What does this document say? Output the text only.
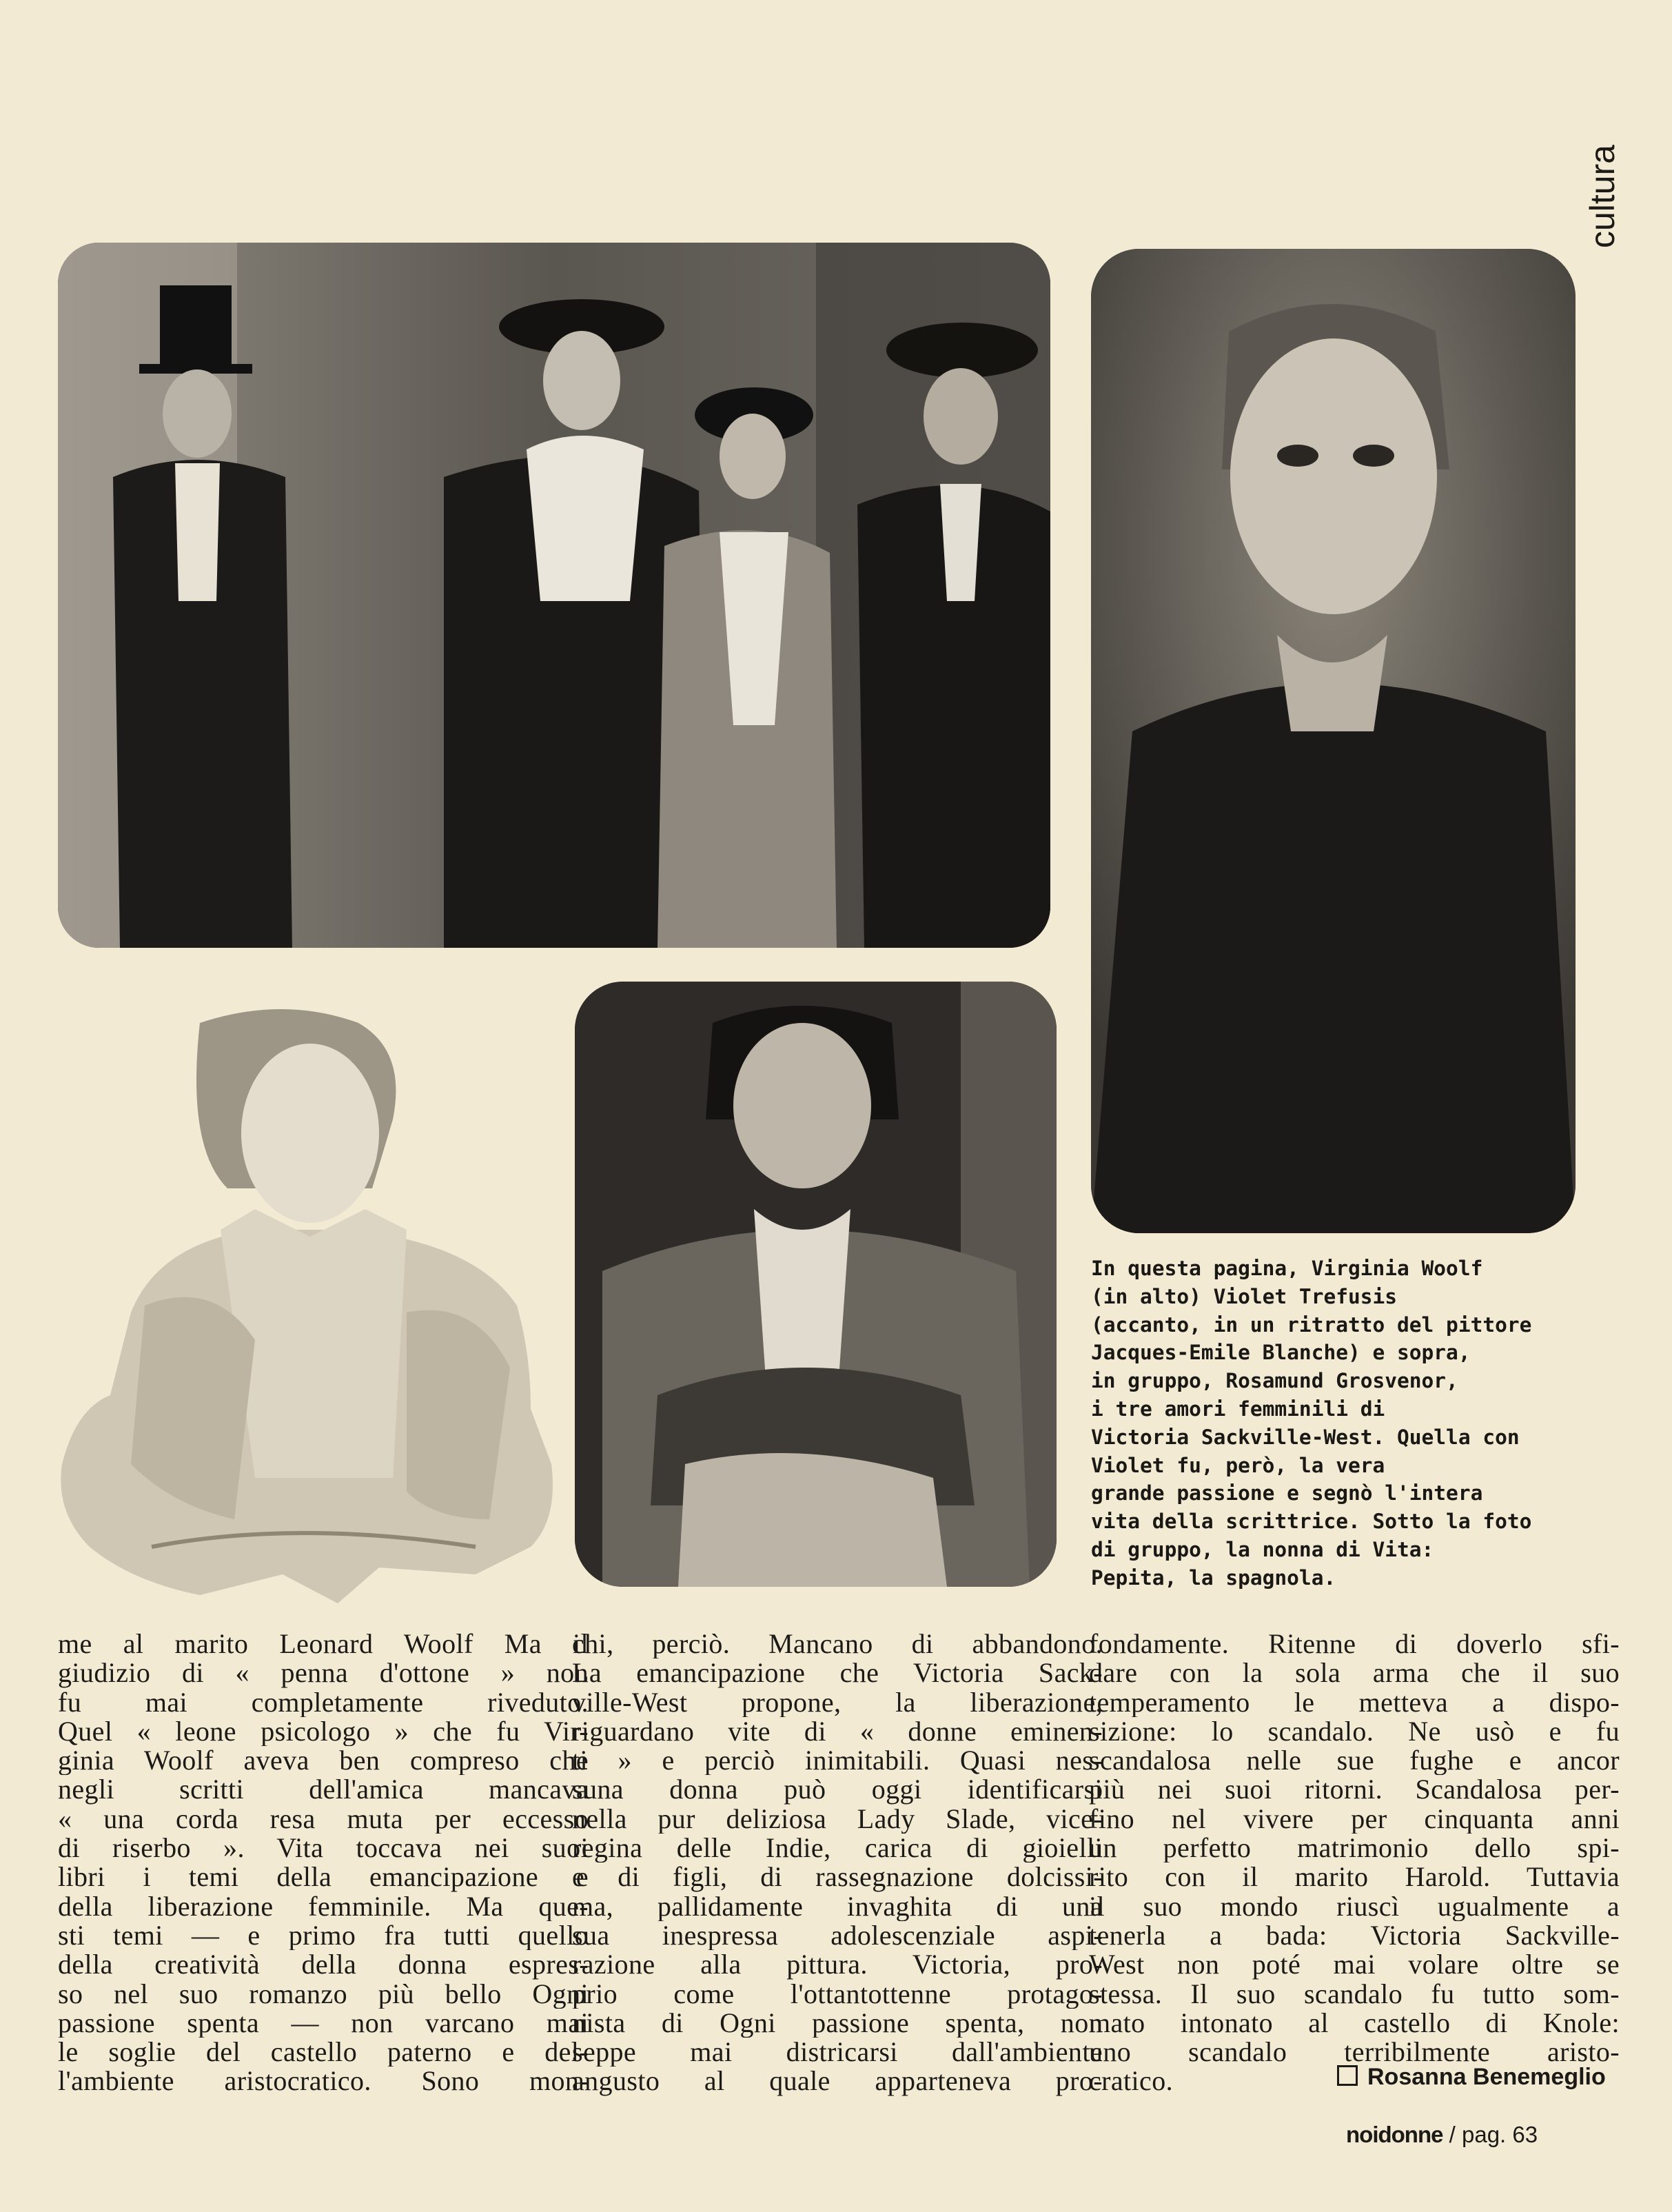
cultura
In questa pagina, Virginia Woolf
(in alto) Violet Trefusis
(accanto, in un ritratto del pittore
Jacques-Emile Blanche) e sopra,
in gruppo, Rosamund Grosvenor,
i tre amori femminili di
Victoria Sackville-West. Quella con
Violet fu, però, la vera
grande passione e segnò l'intera
vita della scrittrice. Sotto la foto
di gruppo, la nonna di Vita:
Pepita, la spagnola.
me al marito Leonard Woolf Ma il
giudizio di « penna d'ottone » non
fu mai completamente riveduto.
Quel « leone psicologo » che fu Vir-
ginia Woolf aveva ben compreso che
negli scritti dell'amica mancava
« una corda resa muta per eccesso
di riserbo ». Vita toccava nei suoi
libri i temi della emancipazione e
della liberazione femminile. Ma que-
sti temi — e primo fra tutti quello
della creatività della donna espres-
so nel suo romanzo più bello Ogni
passione spenta — non varcano mai
le soglie del castello paterno e del-
l'ambiente aristocratico. Sono mon-
chi, perciò. Mancano di abbandono.
La emancipazione che Victoria Sack-
ville-West propone, la liberazione,
riguardano vite di « donne eminen-
ti » e perciò inimitabili. Quasi nes-
suna donna può oggi identificarsi
nella pur deliziosa Lady Slade, vice-
regina delle Indie, carica di gioielli
e di figli, di rassegnazione dolcissi-
ma, pallidamente invaghita di una
sua inespressa adolescenziale aspi-
razione alla pittura. Victoria, pro-
prio come l'ottantottenne protago-
nista di Ogni passione spenta, non
seppe mai districarsi dall'ambiente
angusto al quale apparteneva pro-
fondamente. Ritenne di doverlo sfi-
dare con la sola arma che il suo
temperamento le metteva a dispo-
sizione: lo scandalo. Ne usò e fu
scandalosa nelle sue fughe e ancor
più nei suoi ritorni. Scandalosa per-
fino nel vivere per cinquanta anni
un perfetto matrimonio dello spi-
rito con il marito Harold. Tuttavia
il suo mondo riuscì ugualmente a
tenerla a bada: Victoria Sackville-
West non poté mai volare oltre se
stessa. Il suo scandalo fu tutto som-
mato intonato al castello di Knole:
uno scandalo terribilmente aristo-
cratico.	Rosanna Benemeglio
noidonne / pag. 63
